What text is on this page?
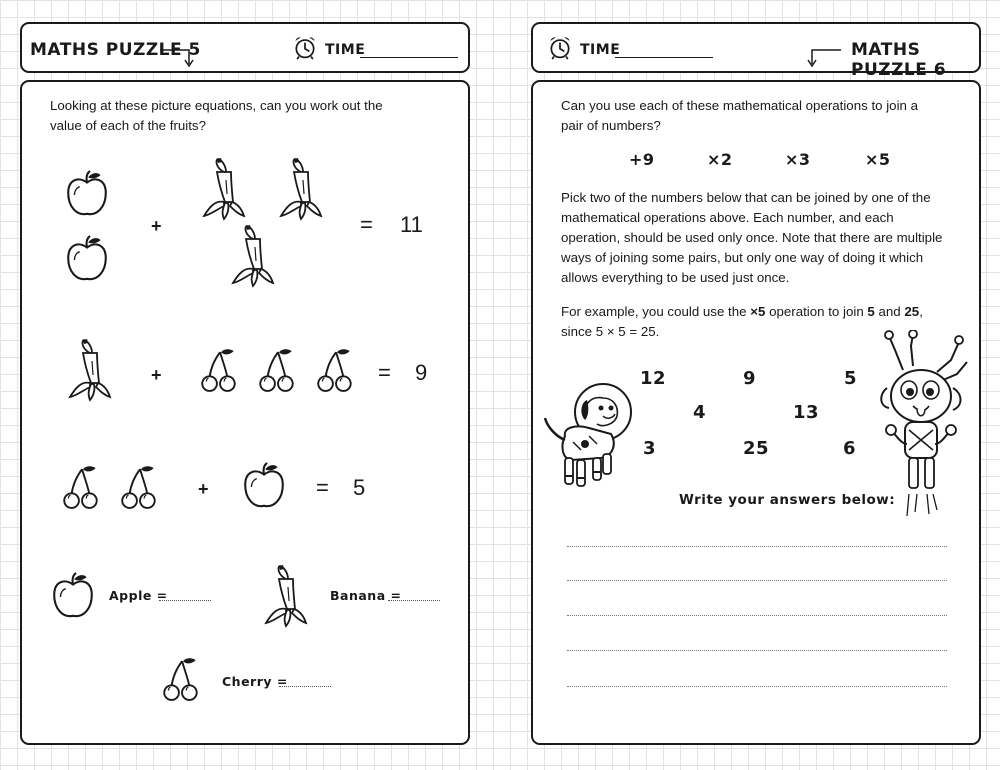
MATHS PUZZLE 5	TIME

Looking at these picture equations, can you work out the value of each of the fruits?

+	= 11
+	= 9
+	= 5
Apple =	Banana =
Cherry =
TIME	MATHS PUZZLE 6

Can you use each of these mathematical operations to join a pair of numbers?

+9	×2	×3	×5

Pick two of the numbers below that can be joined by one of the mathematical operations above. Each number, and each operation, should be used only once. Note that there are multiple ways of joining some pairs, but only one way of doing it which allows everything to be used just once.

For example, you could use the ×5 operation to join 5 and 25,
since 5 × 5 = 25.

12	9	5
4	13
3	25	6
Write your answers below:
